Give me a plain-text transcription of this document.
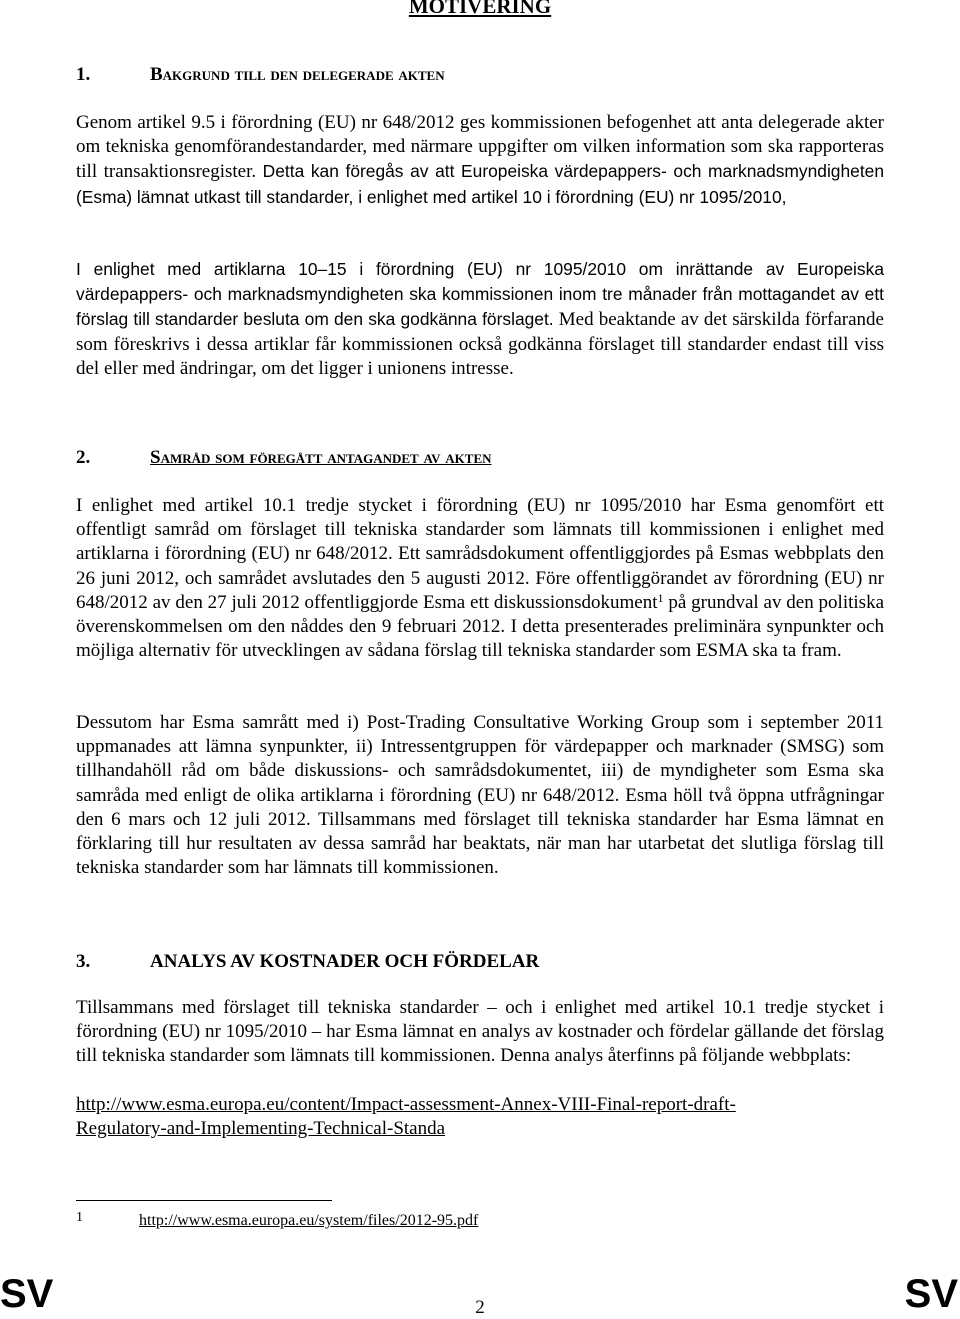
MOTIVERING
1.	Bakgrund till den delegerade akten

Genom artikel 9.5 i förordning (EU) nr 648/2012 ges kommissionen befogenhet att anta delegerade akter om tekniska genomförandestandarder, med närmare uppgifter om vilken information som ska rapporteras till transaktionsregister. Detta kan föregås av att Europeiska värdepappers- och marknadsmyndigheten (Esma) lämnat utkast till standarder, i enlighet med artikel 10 i förordning (EU) nr 1095/2010,

I enlighet med artiklarna 10–15 i förordning (EU) nr 1095/2010 om inrättande av Europeiska värdepappers- och marknadsmyndigheten ska kommissionen inom tre månader från mottagandet av ett förslag till standarder besluta om den ska godkänna förslaget. Med beaktande av det särskilda förfarande som föreskrivs i dessa artiklar får kommissionen också godkänna förslaget till standarder endast till viss del eller med ändringar, om det ligger i unionens intresse.

2.	Samråd som föregått antagandet av akten

I enlighet med artikel 10.1 tredje stycket i förordning (EU) nr 1095/2010 har Esma genomfört ett offentligt samråd om förslaget till tekniska standarder som lämnats till kommissionen i enlighet med artiklarna i förordning (EU) nr 648/2012. Ett samrådsdokument offentliggjordes på Esmas webbplats den 26 juni 2012, och samrådet avslutades den 5 augusti 2012. Före offentliggörandet av förordning (EU) nr 648/2012 av den 27 juli 2012 offentliggjorde Esma ett diskussionsdokument$^1$ på grundval av den politiska överenskommelsen om den nåddes den 9 februari 2012. I detta presenterades preliminära synpunkter och möjliga alternativ för utvecklingen av sådana förslag till tekniska standarder som ESMA ska ta fram.

Dessutom har Esma samrått med i) Post-Trading Consultative Working Group som i september 2011 uppmanades att lämna synpunkter, ii) Intressentgruppen för värdepapper och marknader (SMSG) som tillhandahöll råd om både diskussions- och samrådsdokumentet, iii) de myndigheter som Esma ska samråda med enligt de olika artiklarna i förordning (EU) nr 648/2012. Esma höll två öppna utfrågningar den 6 mars och 12 juli 2012. Tillsammans med förslaget till tekniska standarder har Esma lämnat en förklaring till hur resultaten av dessa samråd har beaktats, när man har utarbetat det slutliga förslag till tekniska standarder som har lämnats till kommissionen.

3.	ANALYS AV KOSTNADER OCH FÖRDELAR

Tillsammans med förslaget till tekniska standarder – och i enlighet med artikel 10.1 tredje stycket i förordning (EU) nr 1095/2010 – har Esma lämnat en analys av kostnader och fördelar gällande det förslag till tekniska standarder som lämnats till kommissionen. Denna analys återfinns på följande webbplats:

http://www.esma.europa.eu/content/Impact-assessment-Annex-VIII-Final-report-draft-
Regulatory-and-Implementing-Technical-Standa
1	http://www.esma.europa.eu/system/files/2012-95.pdf
SV	2	SV
